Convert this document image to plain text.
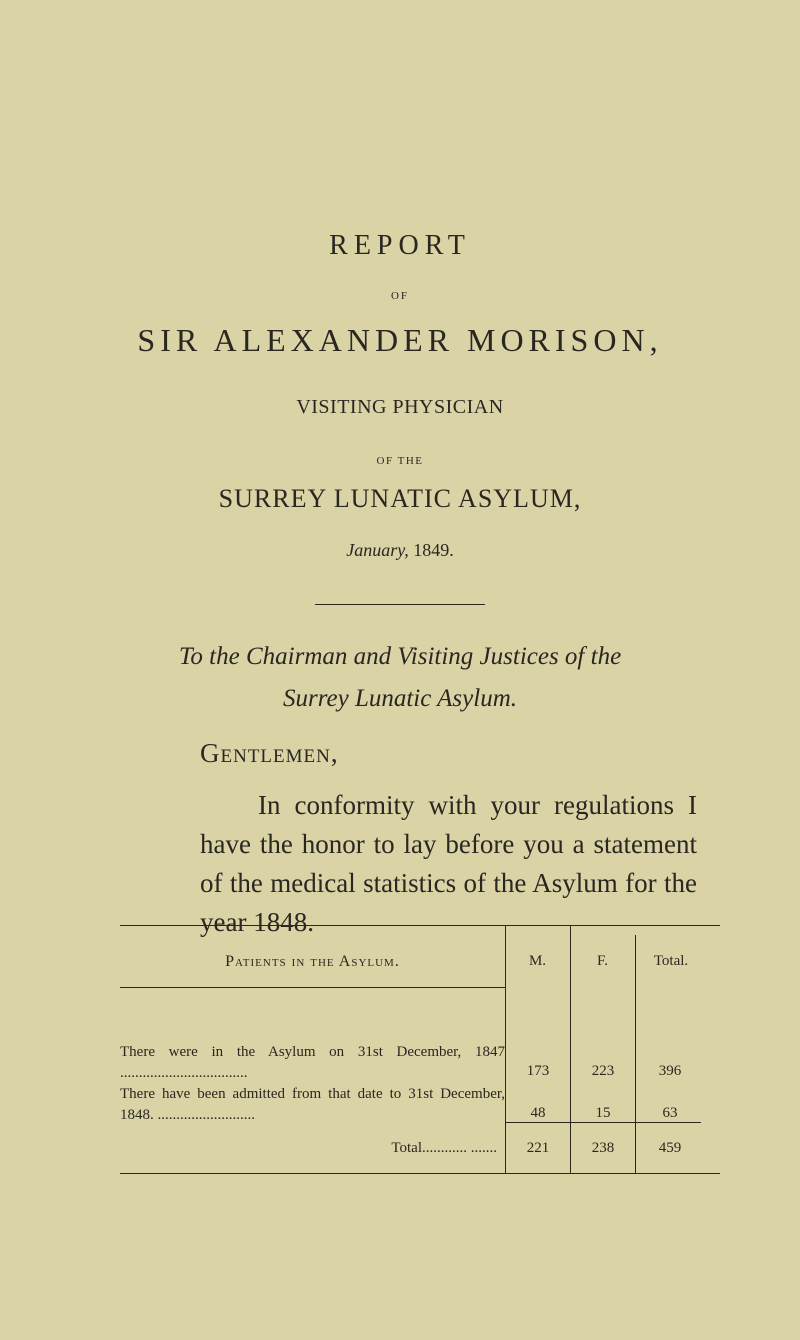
REPORT
OF
SIR ALEXANDER MORISON,
VISITING PHYSICIAN
OF THE
SURREY LUNATIC ASYLUM,
January, 1849.
To the Chairman and Visiting Justices of the
Surrey Lunatic Asylum.
Gentlemen,
In conformity with your regulations I have the honor to lay before you a statement of the medical statistics of the Asylum for the year 1848.
Patients in the Asylum.	M.	F.	Total.
There were in the Asylum on 31st December, 1847 ..................................	173	223	396
There have been admitted from that date to 31st December, 1848. ..........................	48	15	63
Total............ .......	221	238	459
